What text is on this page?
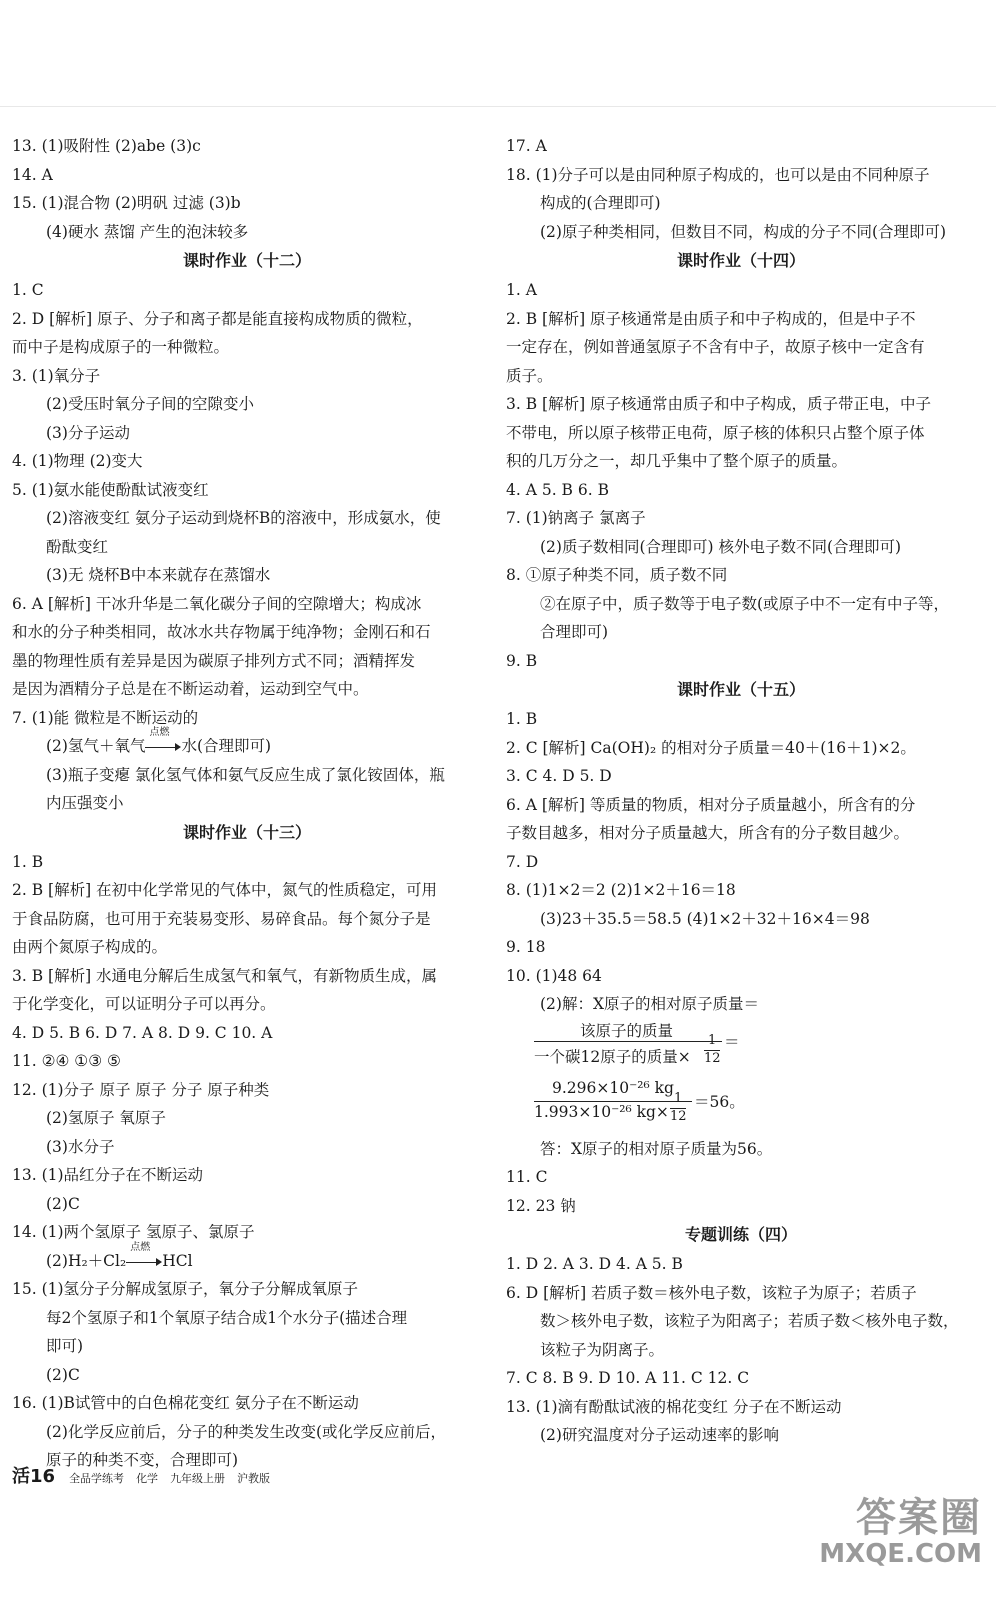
13. (1)吸附性 (2)abe (3)c
14. A
15. (1)混合物 (2)明矾 过滤 (3)b
(4)硬水 蒸馏 产生的泡沫较多
课时作业（十二）
1. C
2. D [解析] 原子、分子和离子都是能直接构成物质的微粒，
而中子是构成原子的一种微粒。
3. (1)氧分子
(2)受压时氧分子间的空隙变小
(3)分子运动
4. (1)物理 (2)变大
5. (1)氨水能使酚酞试液变红
(2)溶液变红 氨分子运动到烧杯B的溶液中，形成氨水，使
酚酞变红
(3)无 烧杯B中本来就存在蒸馏水
6. A [解析] 干冰升华是二氧化碳分子间的空隙增大；构成冰
和水的分子种类相同，故冰水共存物属于纯净物；金刚石和石
墨的物理性质有差异是因为碳原子排列方式不同；酒精挥发
是因为酒精分子总是在不断运动着，运动到空气中。
7. (1)能 微粒是不断运动的
(2)氢气＋氧气
点燃
水(合理即可)
(3)瓶子变瘪 氯化氢气体和氨气反应生成了氯化铵固体，瓶
内压强变小
课时作业（十三）
1. B
2. B [解析] 在初中化学常见的气体中，氮气的性质稳定，可用
于食品防腐，也可用于充装易变形、易碎食品。每个氮分子是
由两个氮原子构成的。
3. B [解析] 水通电分解后生成氢气和氧气，有新物质生成，属
于化学变化，可以证明分子可以再分。
4. D 5. B 6. D 7. A 8. D 9. C 10. A
11. ②④ ①③ ⑤
12. (1)分子 原子 原子 分子 原子种类
(2)氢原子 氧原子
(3)水分子
13. (1)品红分子在不断运动
(2)C
14. (1)两个氢原子 氢原子、氯原子
(2)H₂＋Cl₂
点燃
HCl
15. (1)氢分子分解成氢原子，氧分子分解成氧原子
每2个氢原子和1个氧原子结合成1个水分子(描述合理
即可)
(2)C
16. (1)B试管中的白色棉花变红 氨分子在不断运动
(2)化学反应前后，分子的种类发生改变(或化学反应前后，
原子的种类不变，合理即可)
17. A
18. (1)分子可以是由同种原子构成的，也可以是由不同种原子
构成的(合理即可)
(2)原子种类相同，但数目不同，构成的分子不同(合理即可)
课时作业（十四）
1. A
2. B [解析] 原子核通常是由质子和中子构成的，但是中子不
一定存在，例如普通氢原子不含有中子，故原子核中一定含有
质子。
3. B [解析] 原子核通常由质子和中子构成，质子带正电，中子
不带电，所以原子核带正电荷，原子核的体积只占整个原子体
积的几万分之一，却几乎集中了整个原子的质量。
4. A 5. B 6. B
7. (1)钠离子 氯离子
(2)质子数相同(合理即可) 核外电子数不同(合理即可)
8. ①原子种类不同，质子数不同
②在原子中，质子数等于电子数(或原子中不一定有中子等，
合理即可)
9. B
课时作业（十五）
1. B
2. C [解析] Ca(OH)₂ 的相对分子质量＝40＋(16＋1)×2。
3. C 4. D 5. D
6. A [解析] 等质量的物质，相对分子质量越小，所含有的分
子数目越多，相对分子质量越大，所含有的分子数目越少。
7. D
8. (1)1×2＝2 (2)1×2＋16＝18
(3)23＋35.5＝58.5 (4)1×2＋32＋16×4＝98
9. 18
10. (1)48 64
(2)解：X原子的相对原子质量＝
该原子的质量
一个碳12原子的质量×
1
12
＝
9.296×10⁻²⁶ kg
1.993×10⁻²⁶ kg×
1
12
＝56。
答：X原子的相对原子质量为56。
11. C
12. 23 钠
专题训练（四）
1. D 2. A 3. D 4. A 5. B
6. D [解析] 若质子数＝核外电子数，该粒子为原子；若质子
数＞核外电子数，该粒子为阳离子；若质子数＜核外电子数，
该粒子为阴离子。
7. C 8. B 9. D 10. A 11. C 12. C
13. (1)滴有酚酞试液的棉花变红 分子在不断运动
(2)研究温度对分子运动速率的影响
活16 全品学练考 化学 九年级上册 沪教版
答案圈
MXQE.COM
